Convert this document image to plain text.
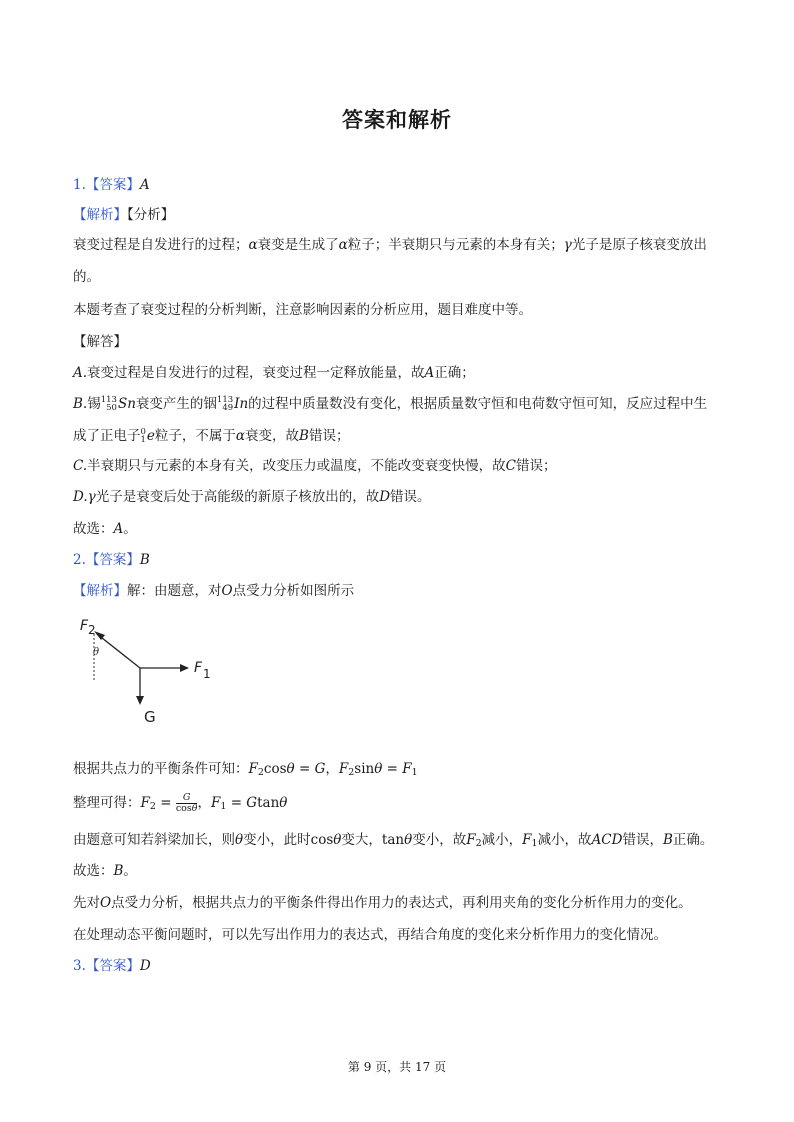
答案和解析
1.【答案】A
【解析】【分析】
衰变过程是自发进行的过程；α衰变是生成了α粒子；半衰期只与元素的本身有关；γ光子是原子核衰变放出
的。
本题考查了衰变过程的分析判断，注意影响因素的分析应用，题目难度中等。
【解答】
A.衰变过程是自发进行的过程，衰变过程一定释放能量，故A正确；
B.锡 113
50 Sn衰变产生的铟 113
49 In的过程中质量数没有变化，根据质量数守恒和电荷数守恒可知，反应过程中生
成了正电子 0
1 e粒子，不属于α衰变，故B错误；
C.半衰期只与元素的本身有关，改变压力或温度，不能改变衰变快慢，故C错误；
D.γ光子是衰变后处于高能级的新原子核放出的，故D错误。
故选：A。
2.【答案】B
【解析】解：由题意，对O点受力分析如图所示
F 2
θ
F 1
G
根据共点力的平衡条件可知：$F_2\cos\theta = G$，$F_2\sin\theta = F_1$
整理可得：$F_2 = \frac{G}{\cos\theta}$ ，$F_1 = Gtan\theta$
由题意可知若斜梁加长，则θ变小，此时cosθ变大，tanθ变小，故$F_2$减小，$F_1$减小，故ACD错误，B正确。
故选：B。
先对O点受力分析，根据共点力的平衡条件得出作用力的表达式，再利用夹角的变化分析作用力的变化。
在处理动态平衡问题时，可以先写出作用力的表达式，再结合角度的变化来分析作用力的变化情况。
3.【答案】D
第 9 页，共 17 页
